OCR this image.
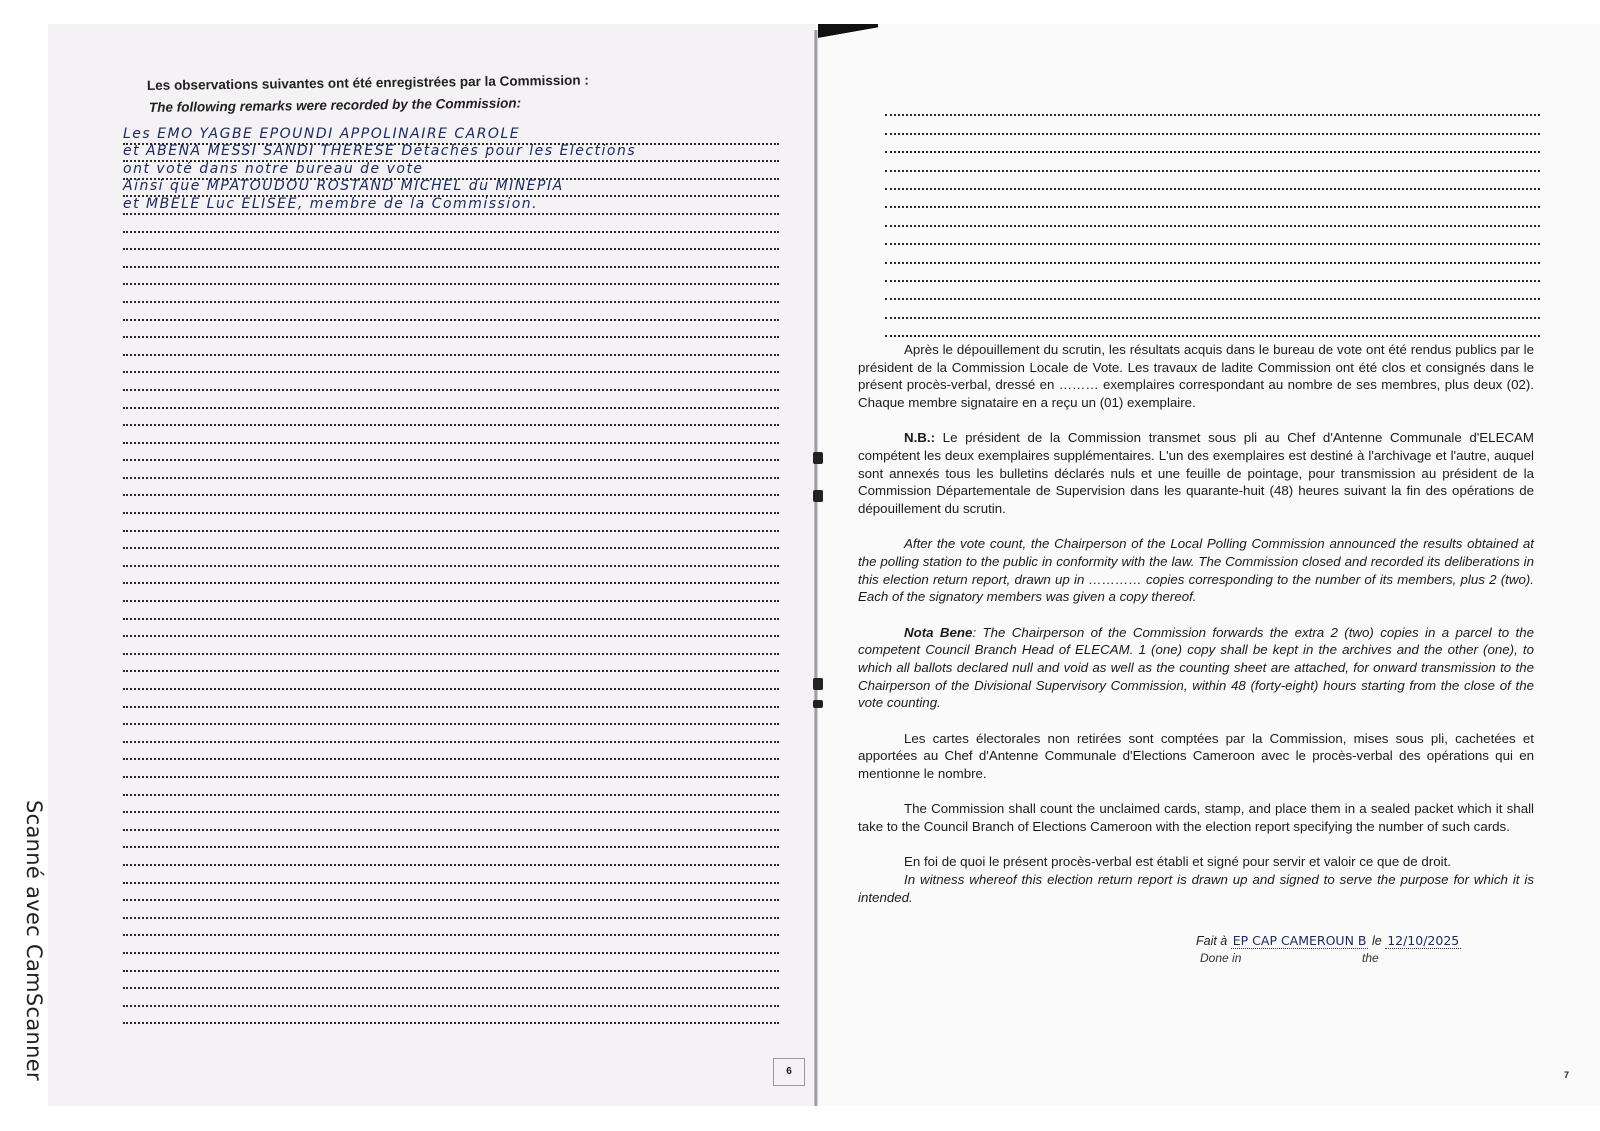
Scanné avec CamScanner
Les observations suivantes ont été enregistrées par la Commission :
The following remarks were recorded by the Commission:
Les EMO YAGBE EPOUNDI APPOLINAIRE CAROLE
et ABENA MESSI SANDI THERESE Détachés pour les Elections
ont voté dans notre bureau de vote
Ainsi que MPATOUDOU ROSTAND MICHEL du MINEPIA
et MBELE Luc ELISEE, membre de la Commission.
6

Après le dépouillement du scrutin, les résultats acquis dans le bureau de vote ont été rendus publics par le président de la Commission Locale de Vote. Les travaux de ladite Commission ont été clos et consignés dans le présent procès-verbal, dressé en ……… exemplaires correspondant au nombre de ses membres, plus deux (02). Chaque membre signataire en a reçu un (01) exemplaire.

N.B.: Le président de la Commission transmet sous pli au Chef d'Antenne Communale d'ELECAM compétent les deux exemplaires supplémentaires. L'un des exemplaires est destiné à l'archivage et l'autre, auquel sont annexés tous les bulletins déclarés nuls et une feuille de pointage, pour transmission au président de la Commission Départementale de Supervision dans les quarante-huit (48) heures suivant la fin des opérations de dépouillement du scrutin.

After the vote count, the Chairperson of the Local Polling Commission announced the results obtained at the polling station to the public in conformity with the law. The Commission closed and recorded its deliberations in this election return report, drawn up in ………… copies corresponding to the number of its members, plus 2 (two). Each of the signatory members was given a copy thereof.

Nota Bene: The Chairperson of the Commission forwards the extra 2 (two) copies in a parcel to the competent Council Branch Head of ELECAM. 1 (one) copy shall be kept in the archives and the other (one), to which all ballots declared null and void as well as the counting sheet are attached, for onward transmission to the Chairperson of the Divisional Supervisory Commission, within 48 (forty-eight) hours starting from the close of the vote counting.

Les cartes électorales non retirées sont comptées par la Commission, mises sous pli, cachetées et apportées au Chef d'Antenne Communale d'Elections Cameroon avec le procès-verbal des opérations qui en mentionne le nombre.

The Commission shall count the unclaimed cards, stamp, and place them in a sealed packet which it shall take to the Council Branch of Elections Cameroon with the election report specifying the number of such cards.

En foi de quoi le présent procès-verbal est établi et signé pour servir et valoir ce que de droit.

In witness whereof this election return report is drawn up and signed to serve the purpose for which it is intended.

Fait à EP CAP CAMEROUN B le 12/10/2025
Done in	the
7
